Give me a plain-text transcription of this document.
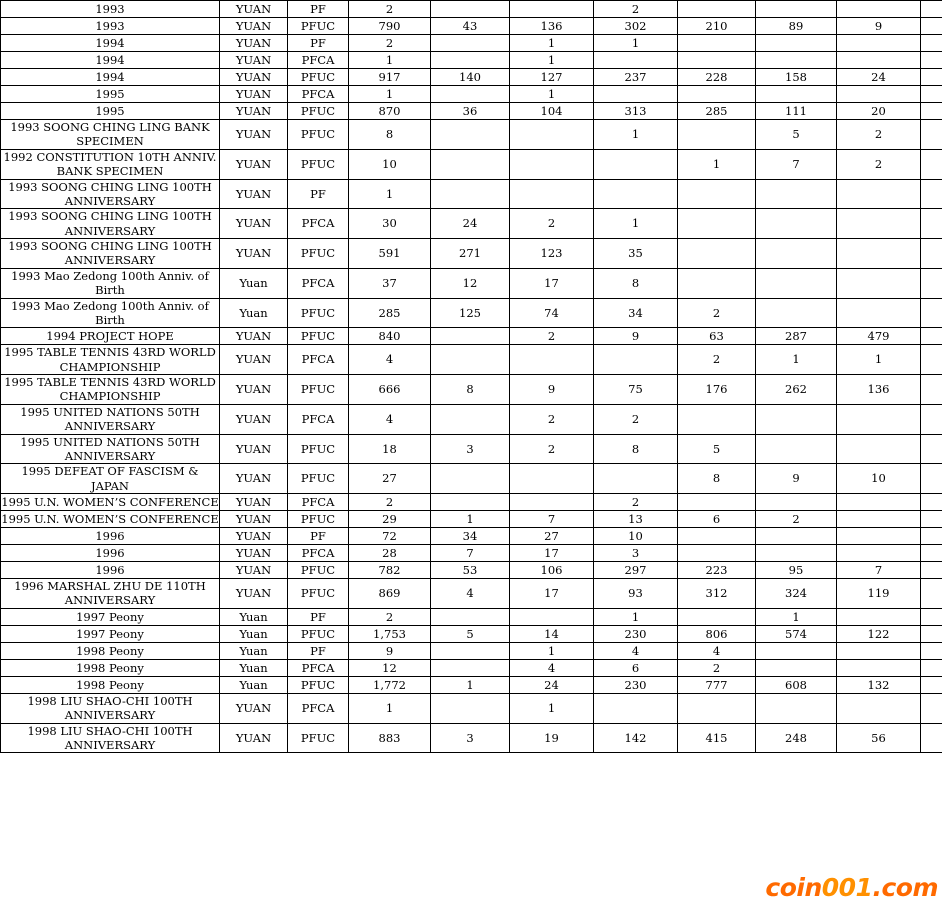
1993	YUAN	PF	2			2				
1993	YUAN	PFUC	790	43	136	302	210	89	9	
1994	YUAN	PF	2		1	1				
1994	YUAN	PFCA	1		1					
1994	YUAN	PFUC	917	140	127	237	228	158	24	
1995	YUAN	PFCA	1		1					
1995	YUAN	PFUC	870	36	104	313	285	111	20	
1993 SOONG CHING LING BANK SPECIMEN	YUAN	PFUC	8			1		5	2	
1992 CONSTITUTION 10TH ANNIV. BANK SPECIMEN	YUAN	PFUC	10				1	7	2	
1993 SOONG CHING LING 100TH ANNIVERSARY	YUAN	PF	1							
1993 SOONG CHING LING 100TH ANNIVERSARY	YUAN	PFCA	30	24	2	1				
1993 SOONG CHING LING 100TH ANNIVERSARY	YUAN	PFUC	591	271	123	35				
1993 Mao Zedong 100th Anniv. of Birth	Yuan	PFCA	37	12	17	8				
1993 Mao Zedong 100th Anniv. of Birth	Yuan	PFUC	285	125	74	34	2			
1994 PROJECT HOPE	YUAN	PFUC	840		2	9	63	287	479	
1995 TABLE TENNIS 43RD WORLD CHAMPIONSHIP	YUAN	PFCA	4				2	1	1	
1995 TABLE TENNIS 43RD WORLD CHAMPIONSHIP	YUAN	PFUC	666	8	9	75	176	262	136	
1995 UNITED NATIONS 50TH ANNIVERSARY	YUAN	PFCA	4		2	2				
1995 UNITED NATIONS 50TH ANNIVERSARY	YUAN	PFUC	18	3	2	8	5			
1995 DEFEAT OF FASCISM & JAPAN	YUAN	PFUC	27				8	9	10	
1995 U.N. WOMEN’S CONFERENCE	YUAN	PFCA	2			2				
1995 U.N. WOMEN’S CONFERENCE	YUAN	PFUC	29	1	7	13	6	2		
1996	YUAN	PF	72	34	27	10				
1996	YUAN	PFCA	28	7	17	3				
1996	YUAN	PFUC	782	53	106	297	223	95	7	
1996 MARSHAL ZHU DE 110TH ANNIVERSARY	YUAN	PFUC	869	4	17	93	312	324	119	
1997 Peony	Yuan	PF	2			1		1		
1997 Peony	Yuan	PFUC	1,753	5	14	230	806	574	122	
1998 Peony	Yuan	PF	9		1	4	4			
1998 Peony	Yuan	PFCA	12		4	6	2			
1998 Peony	Yuan	PFUC	1,772	1	24	230	777	608	132	
1998 LIU SHAO-CHI 100TH ANNIVERSARY	YUAN	PFCA	1		1					
1998 LIU SHAO-CHI 100TH ANNIVERSARY	YUAN	PFUC	883	3	19	142	415	248	56	
coin001.com
